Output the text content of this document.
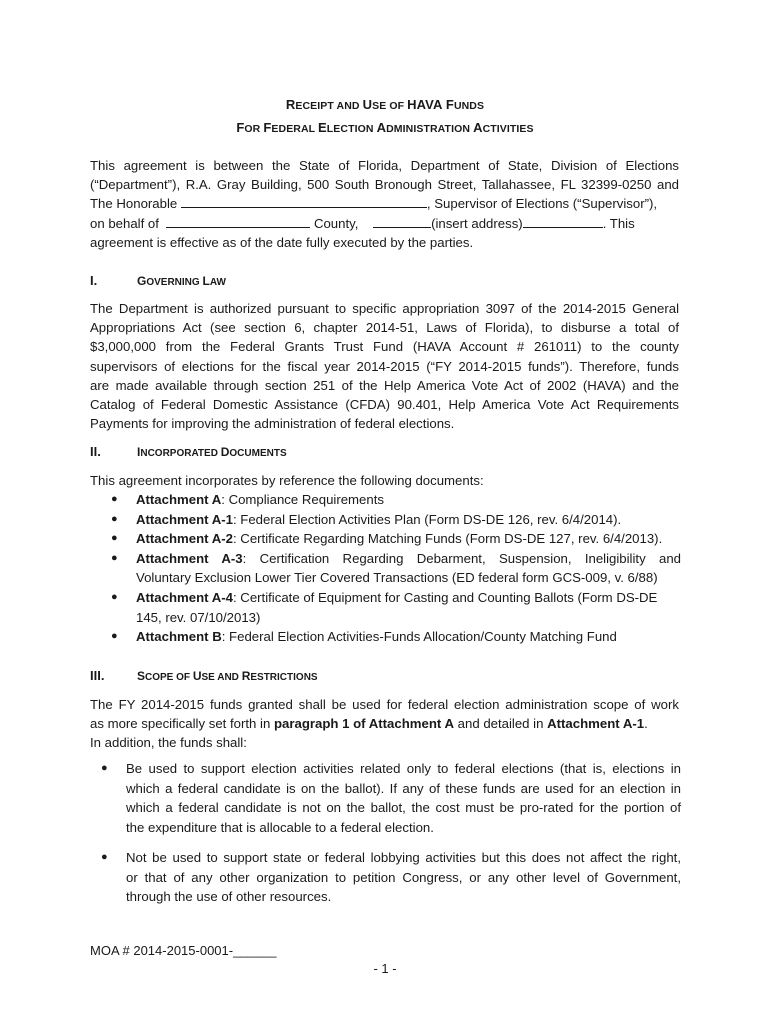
RECEIPT AND USE OF HAVA FUNDS
FOR FEDERAL ELECTION ADMINISTRATION ACTIVITIES
This agreement is between the State of Florida, Department of State, Division of Elections
(“Department”), R.A. Gray Building, 500 South Bronough Street, Tallahassee, FL 32399-0250 and
The Honorable	, Supervisor of Elections (“Supervisor”),
on behalf of	County,	(insert address)	. This
agreement is effective as of the date fully executed by the parties.
I.	GOVERNING LAW
The Department is authorized pursuant to specific appropriation 3097 of the 2014-2015 General
Appropriations Act (see section 6, chapter 2014-51, Laws of Florida), to disburse a total of
$3,000,000 from the Federal Grants Trust Fund (HAVA Account # 261011) to the county
supervisors of elections for the fiscal year 2014-2015 (“FY 2014-2015 funds”). Therefore, funds
are made available through section 251 of the Help America Vote Act of 2002 (HAVA) and the
Catalog of Federal Domestic Assistance (CFDA) 90.401, Help America Vote Act Requirements
Payments for improving the administration of federal elections.
II.	INCORPORATED DOCUMENTS
This agreement incorporates by reference the following documents:
● Attachment A: Compliance Requirements
● Attachment A-1: Federal Election Activities Plan (Form DS-DE 126, rev. 6/4/2014).
● Attachment A-2: Certificate Regarding Matching Funds (Form DS-DE 127, rev. 6/4/2013).
● Attachment A-3: Certification Regarding Debarment, Suspension, Ineligibility and
Voluntary Exclusion Lower Tier Covered Transactions (ED federal form GCS-009, v. 6/88)
● Attachment A-4: Certificate of Equipment for Casting and Counting Ballots (Form DS-DE
145, rev. 07/10/2013)
● Attachment B: Federal Election Activities-Funds Allocation/County Matching Fund
III.	SCOPE OF USE AND RESTRICTIONS
The FY 2014-2015 funds granted shall be used for federal election administration scope of work
as more specifically set forth in paragraph 1 of Attachment A and detailed in Attachment A-1.
In addition, the funds shall:
● Be used to support election activities related only to federal elections (that is, elections in
which a federal candidate is on the ballot). If any of these funds are used for an election in
which a federal candidate is not on the ballot, the cost must be pro-rated for the portion of
the expenditure that is allocable to a federal election.
● Not be used to support state or federal lobbying activities but this does not affect the right,
or that of any other organization to petition Congress, or any other level of Government,
through the use of other resources.
MOA # 2014-2015-0001-______
- 1 -
